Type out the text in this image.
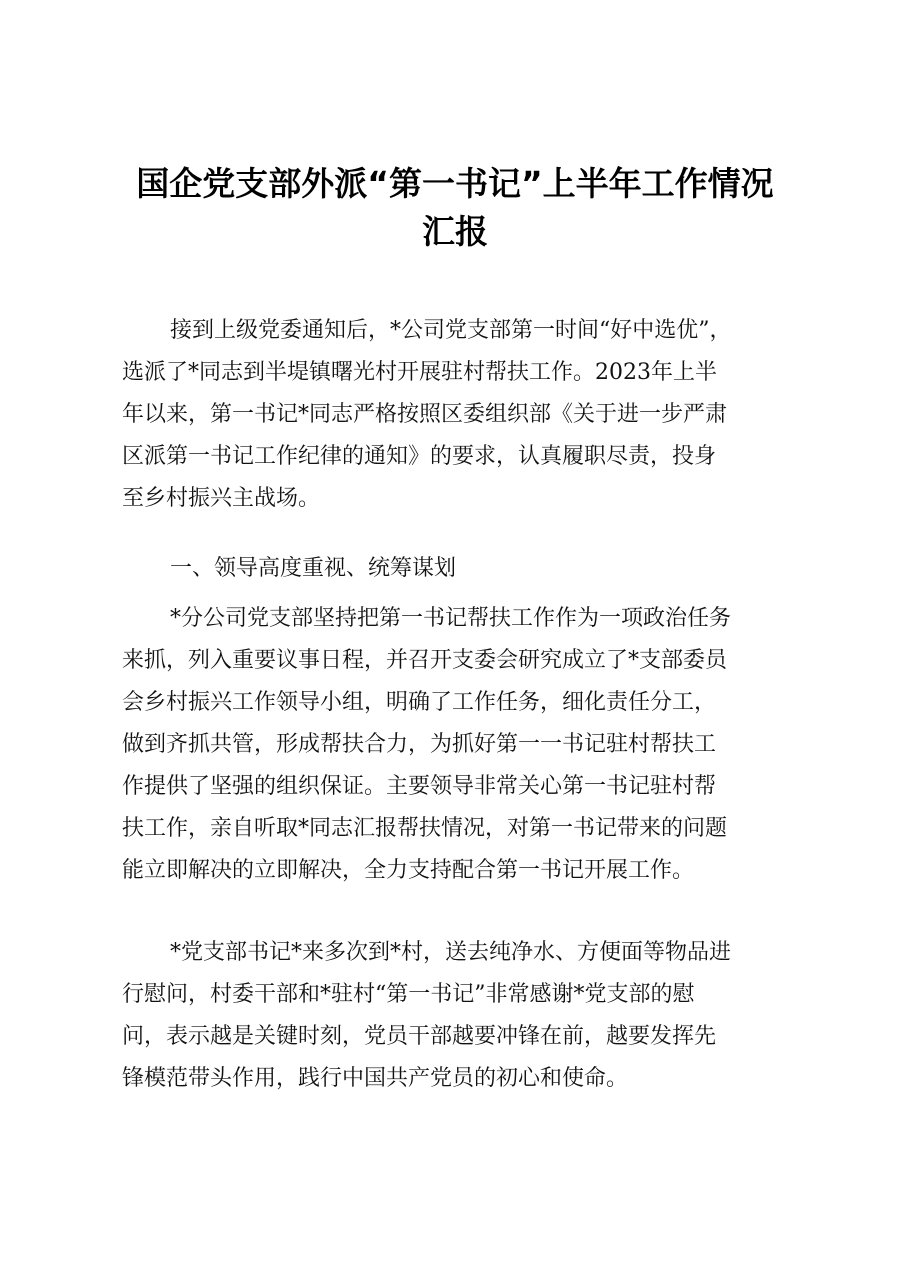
国企党支部外派“第一书记”上半年工作情况
汇报
接到上级党委通知后，*公司党支部第一时间“好中选优”，
选派了*同志到半堤镇曙光村开展驻村帮扶工作。2023年上半
年以来，第一书记*同志严格按照区委组织部《关于进一步严肃
区派第一书记工作纪律的通知》的要求，认真履职尽责，投身
至乡村振兴主战场。
一、领导高度重视、统筹谋划
*分公司党支部坚持把第一书记帮扶工作作为一项政治任务
来抓，列入重要议事日程，并召开支委会研究成立了*支部委员
会乡村振兴工作领导小组，明确了工作任务，细化责任分工，
做到齐抓共管，形成帮扶合力，为抓好第一一书记驻村帮扶工
作提供了坚强的组织保证。主要领导非常关心第一书记驻村帮
扶工作，亲自听取*同志汇报帮扶情况，对第一书记带来的问题
能立即解决的立即解决，全力支持配合第一书记开展工作。
*党支部书记*来多次到*村，送去纯净水、方便面等物品进
行慰问，村委干部和*驻村“第一书记”非常感谢*党支部的慰
问，表示越是关键时刻，党员干部越要冲锋在前，越要发挥先
锋模范带头作用，践行中国共产党员的初心和使命。
